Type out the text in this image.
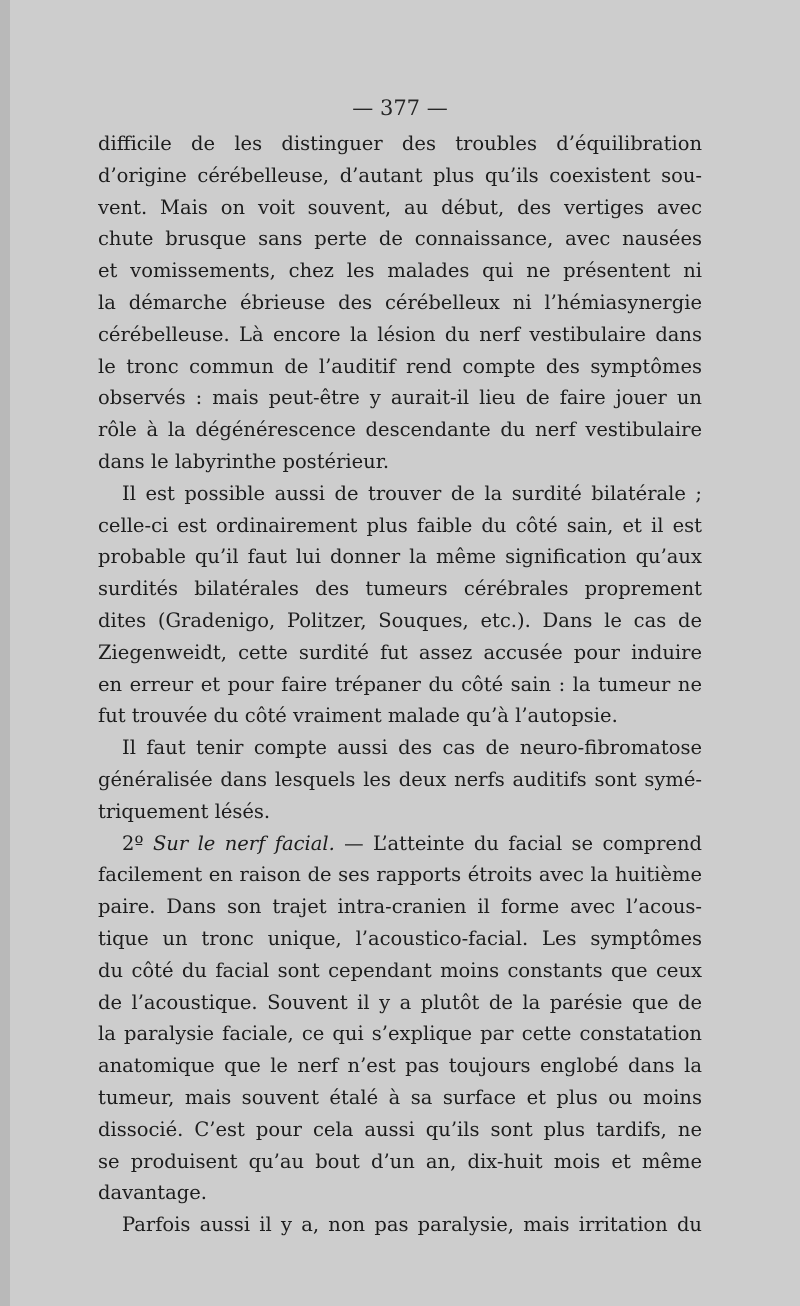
— 377 —
difficile de les distinguer des troubles d’équilibration
d’origine cérébelleuse, d’autant plus qu’ils coexistent sou-
vent. Mais on voit souvent, au début, des vertiges avec
chute brusque sans perte de connaissance, avec nausées
et vomissements, chez les malades qui ne présentent ni
la démarche ébrieuse des cérébelleux ni l’hémiasynergie
cérébelleuse. Là encore la lésion du nerf vestibulaire dans
le tronc commun de l’auditif rend compte des symptômes
observés : mais peut-être y aurait-il lieu de faire jouer un
rôle à la dégénérescence descendante du nerf vestibulaire
dans le labyrinthe postérieur.
Il est possible aussi de trouver de la surdité bilatérale ;
celle-ci est ordinairement plus faible du côté sain, et il est
probable qu’il faut lui donner la même signification qu’aux
surdités bilatérales des tumeurs cérébrales proprement
dites (Gradenigo, Politzer, Souques, etc.). Dans le cas de
Ziegenweidt, cette surdité fut assez accusée pour induire
en erreur et pour faire trépaner du côté sain : la tumeur ne
fut trouvée du côté vraiment malade qu’à l’autopsie.
Il faut tenir compte aussi des cas de neuro-fibromatose
généralisée dans lesquels les deux nerfs auditifs sont symé-
triquement lésés.
2º Sur le nerf facial. — L’atteinte du facial se comprend
facilement en raison de ses rapports étroits avec la huitième
paire. Dans son trajet intra-cranien il forme avec l’acous-
tique un tronc unique, l’acoustico-facial. Les symptômes
du côté du facial sont cependant moins constants que ceux
de l’acoustique. Souvent il y a plutôt de la parésie que de
la paralysie faciale, ce qui s’explique par cette constatation
anatomique que le nerf n’est pas toujours englobé dans la
tumeur, mais souvent étalé à sa surface et plus ou moins
dissocié. C’est pour cela aussi qu’ils sont plus tardifs, ne
se produisent qu’au bout d’un an, dix-huit mois et même
davantage.
Parfois aussi il y a, non pas paralysie, mais irritation du
